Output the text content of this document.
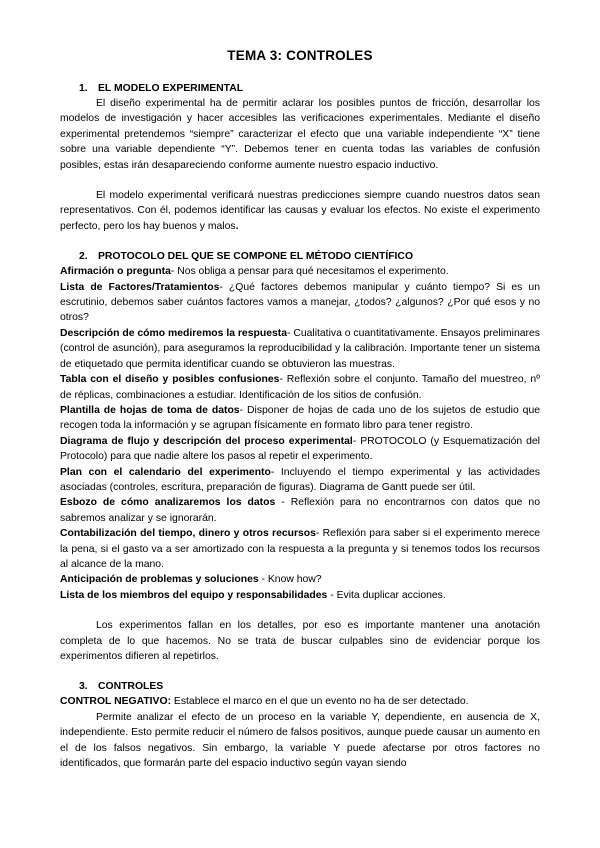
TEMA 3: CONTROLES
1. EL MODELO EXPERIMENTAL

El diseño experimental ha de permitir aclarar los posibles puntos de fricción, desarrollar los modelos de investigación y hacer accesibles las verificaciones experimentales. Mediante el diseño experimental pretendemos “siempre” caracterizar el efecto que una variable independiente “X” tiene sobre una variable dependiente “Y”. Debemos tener en cuenta todas las variables de confusión posibles, estas irán desapareciendo conforme aumente nuestro espacio inductivo.

El modelo experimental verificará nuestras predicciones siempre cuando nuestros datos sean representativos. Con él, podemos identificar las causas y evaluar los efectos. No existe el experimento perfecto, pero los hay buenos y malos.

2. PROTOCOLO DEL QUE SE COMPONE EL MÉTODO CIENTÍFICO

Afirmación o pregunta- Nos obliga a pensar para qué necesitamos el experimento.

Lista de Factores/Tratamientos- ¿Qué factores debemos manipular y cuánto tiempo? Si es un escrutinio, debemos saber cuántos factores vamos a manejar, ¿todos? ¿algunos? ¿Por qué esos y no otros?

Descripción de cómo mediremos la respuesta- Cualitativa o cuantitativamente. Ensayos preliminares (control de asunción), para aseguramos la reproducibilidad y la calibración. Importante tener un sistema de etiquetado que permita identificar cuando se obtuvieron las muestras.

Tabla con el diseño y posibles confusiones- Reflexión sobre el conjunto. Tamaño del muestreo, nº de réplicas, combinaciones a estudiar. Identificación de los sitios de confusión.

Plantilla de hojas de toma de datos- Disponer de hojas de cada uno de los sujetos de estudio que recogen toda la información y se agrupan físicamente en formato libro para tener registro.

Diagrama de flujo y descripción del proceso experimental- PROTOCOLO (y Esquematización del Protocolo) para que nadie altere los pasos al repetir el experimento.

Plan con el calendario del experimento- Incluyendo el tiempo experimental y las actividades asociadas (controles, escritura, preparación de figuras). Diagrama de Gantt puede ser útil.

Esbozo de cómo analizaremos los datos - Reflexión para no encontrarnos con datos que no sabremos analizar y se ignorarán.

Contabilización del tiempo, dinero y otros recursos- Reflexión para saber si el experimento merece la pena, si el gasto va a ser amortizado con la respuesta a la pregunta y si tenemos todos los recursos al alcance de la mano.

Anticipación de problemas y soluciones - Know how?

Lista de los miembros del equipo y responsabilidades - Evita duplicar acciones.

Los experimentos fallan en los detalles, por eso es importante mantener una anotación completa de lo que hacemos. No se trata de buscar culpables sino de evidenciar porque los experimentos difieren al repetirlos.

3. CONTROLES

CONTROL NEGATIVO: Establece el marco en el que un evento no ha de ser detectado.

Permite analizar el efecto de un proceso en la variable Y, dependiente, en ausencia de X, independiente. Esto permite reducir el número de falsos positivos, aunque puede causar un aumento en el de los falsos negativos. Sin embargo, la variable Y puede afectarse por otros factores no identificados, que formarán parte del espacio inductivo según vayan siendo
